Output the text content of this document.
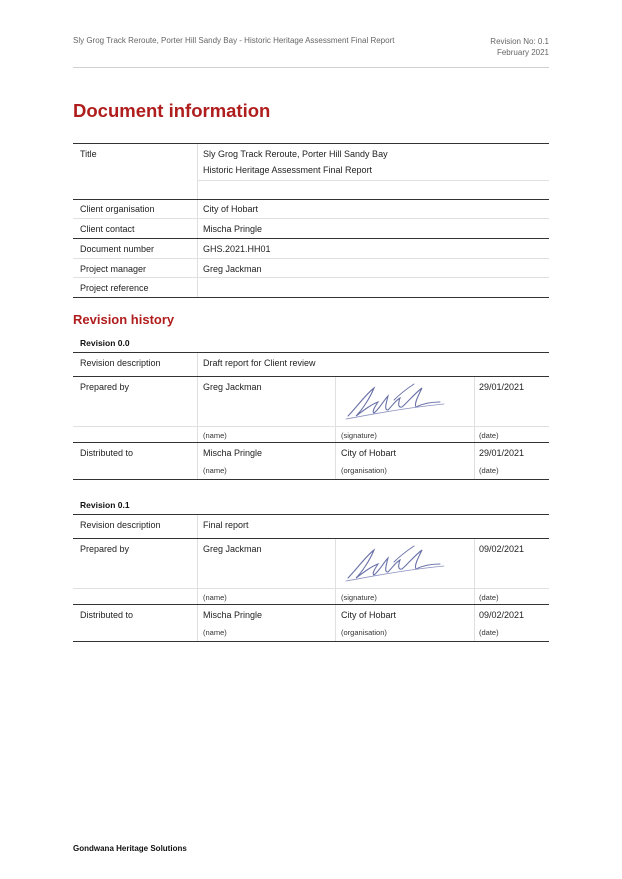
Sly Grog Track Reroute, Porter Hill Sandy Bay - Historic Heritage Assessment Final Report	Revision No: 0.1
February 2021
Document information
Title	Sly Grog Track Reroute, Porter Hill Sandy Bay
Historic Heritage Assessment Final Report
Client organisation	City of Hobart
Client contact	Mischa Pringle
Document number	GHS.2021.HH01
Project manager	Greg Jackman
Project reference
Revision history
Revision 0.0
Revision description	Draft report for Client review
Prepared by	Greg Jackman	29/01/2021
(name)	(signature)	(date)
Distributed to	Mischa Pringle	City of Hobart	29/01/2021
(name)	(organisation)	(date)
Revision 0.1
Revision description	Final report
Prepared by	Greg Jackman	09/02/2021
(name)	(signature)	(date)
Distributed to	Mischa Pringle	City of Hobart	09/02/2021
(name)	(organisation)	(date)
Gondwana Heritage Solutions
